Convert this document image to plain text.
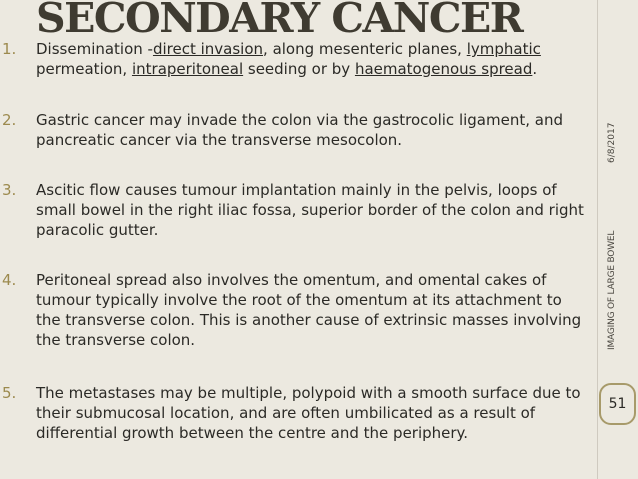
SECONDARY CANCER
1. Dissemination -direct invasion, along mesenteric planes, lymphatic permeation, intraperitoneal seeding or by haematogenous spread.
2. Gastric cancer may invade the colon via the gastrocolic ligament, and pancreatic cancer via the transverse mesocolon.
3. Ascitic flow causes tumour implantation mainly in the pelvis, loops of small bowel in the right iliac fossa, superior border of the colon and right paracolic gutter.
4. Peritoneal spread also involves the omentum, and omental cakes of tumour typically involve the root of the omentum at its attachment to the transverse colon. This is another cause of extrinsic masses involving the transverse colon.
5. The metastases may be multiple, polypoid with a smooth surface due to their submucosal location, and are often umbilicated as a result of differential growth between the centre and the periphery.
6/8/2017
IMAGING OF LARGE BOWEL
51
